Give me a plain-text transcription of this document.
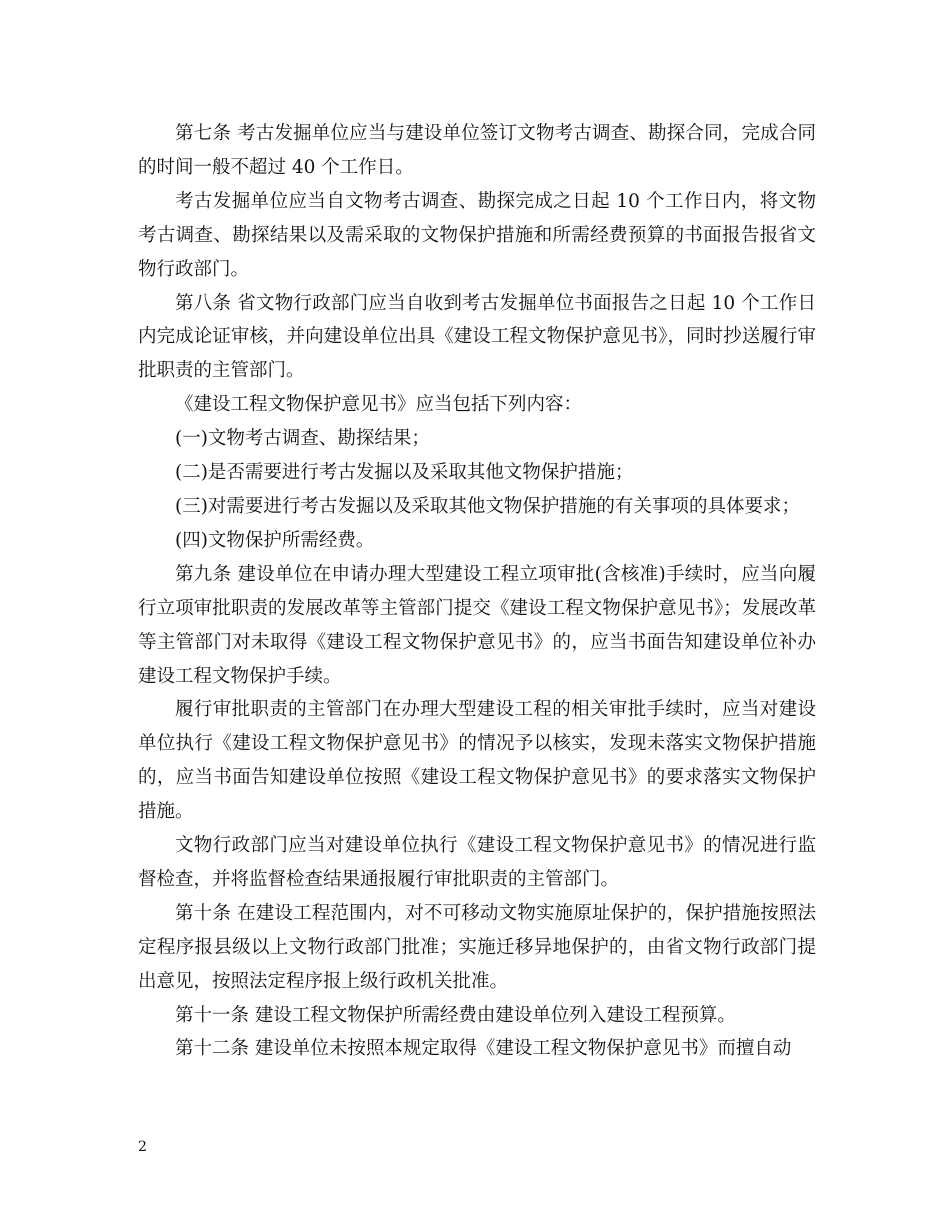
第七条 考古发掘单位应当与建设单位签订文物考古调查、勘探合同，完成合同的时间一般不超过 40 个工作日。

考古发掘单位应当自文物考古调查、勘探完成之日起 10 个工作日内，将文物考古调查、勘探结果以及需采取的文物保护措施和所需经费预算的书面报告报省文物行政部门。

第八条 省文物行政部门应当自收到考古发掘单位书面报告之日起 10 个工作日内完成论证审核，并向建设单位出具《建设工程文物保护意见书》，同时抄送履行审批职责的主管部门。

《建设工程文物保护意见书》应当包括下列内容：

(一)文物考古调查、勘探结果；

(二)是否需要进行考古发掘以及采取其他文物保护措施；

(三)对需要进行考古发掘以及采取其他文物保护措施的有关事项的具体要求；

(四)文物保护所需经费。

第九条 建设单位在申请办理大型建设工程立项审批(含核准)手续时，应当向履行立项审批职责的发展改革等主管部门提交《建设工程文物保护意见书》；发展改革等主管部门对未取得《建设工程文物保护意见书》的，应当书面告知建设单位补办建设工程文物保护手续。

履行审批职责的主管部门在办理大型建设工程的相关审批手续时，应当对建设单位执行《建设工程文物保护意见书》的情况予以核实，发现未落实文物保护措施的，应当书面告知建设单位按照《建设工程文物保护意见书》的要求落实文物保护措施。

文物行政部门应当对建设单位执行《建设工程文物保护意见书》的情况进行监督检查，并将监督检查结果通报履行审批职责的主管部门。

第十条 在建设工程范围内，对不可移动文物实施原址保护的，保护措施按照法定程序报县级以上文物行政部门批准；实施迁移异地保护的，由省文物行政部门提出意见，按照法定程序报上级行政机关批准。

第十一条 建设工程文物保护所需经费由建设单位列入建设工程预算。

第十二条 建设单位未按照本规定取得《建设工程文物保护意见书》而擅自动

2
